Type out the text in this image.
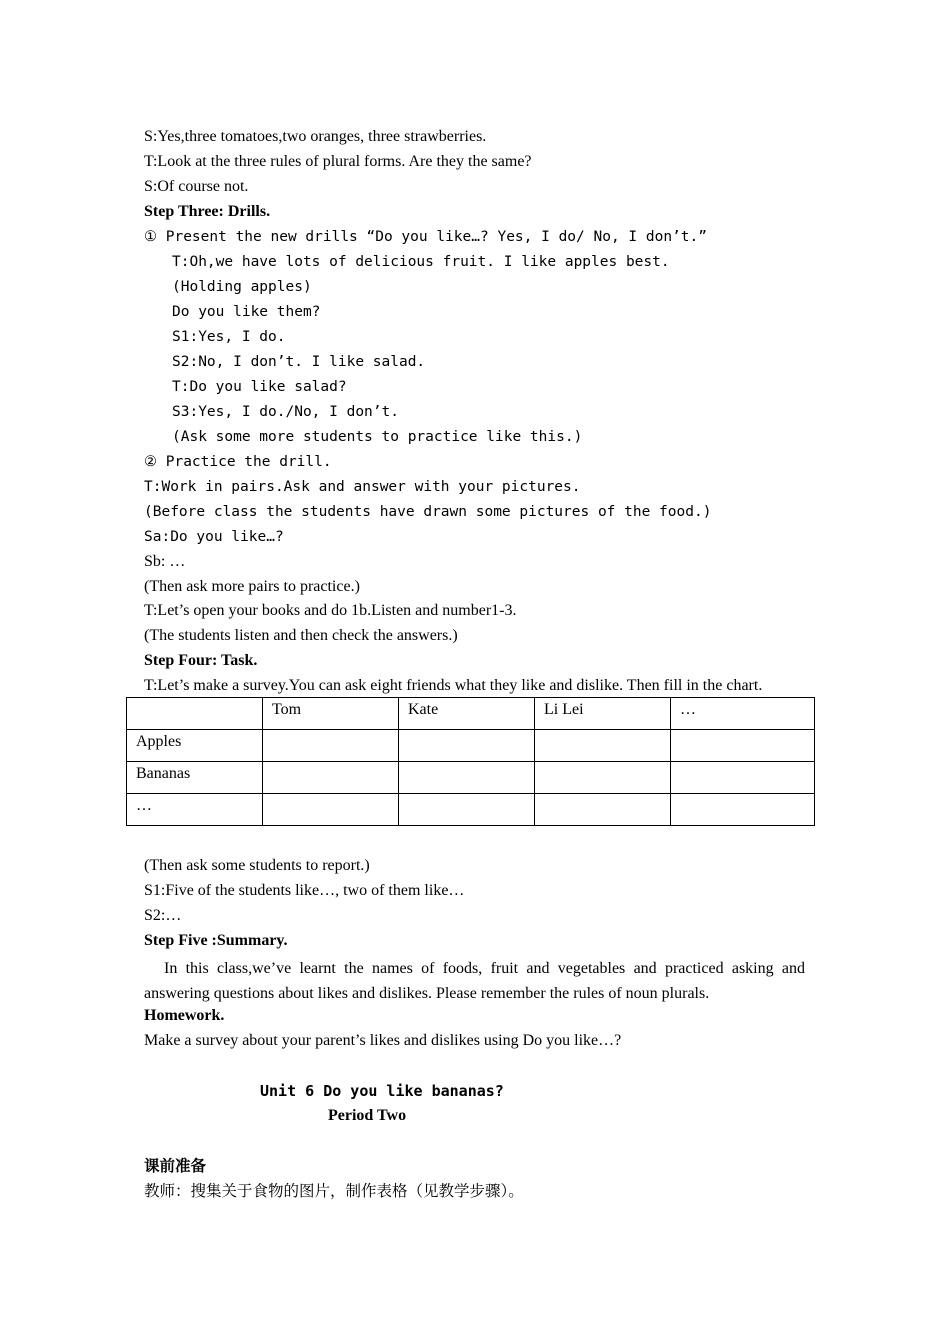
S:Yes,three tomatoes,two oranges, three strawberries.
T:Look at the three rules of plural forms. Are they the same?
S:Of course not.
Step Three: Drills.
① Present the new drills “Do you like…? Yes, I do/ No, I don’t.”
T:Oh,we have lots of delicious fruit. I like apples best.
(Holding apples)
Do you like them?
S1:Yes, I do.
S2:No, I don’t. I like salad.
T:Do you like salad?
S3:Yes, I do./No, I don’t.
(Ask some more students to practice like this.)
② Practice the drill.
T:Work in pairs.Ask and answer with your pictures.
(Before class the students have drawn some pictures of the food.)
Sa:Do you like…?
Sb: …
(Then ask more pairs to practice.)
T:Let’s open your books and do 1b.Listen and number1-3.
(The students listen and then check the answers.)
Step Four: Task.
T:Let’s make a survey.You can ask eight friends what they like and dislike. Then fill in the chart.
	Tom	Kate	Li Lei	…
Apples				
Bananas				
…				
(Then ask some students to report.)
S1:Five of the students like…, two of them like…
S2:…
Step Five :Summary.
In this class,we’ve learnt the names of foods, fruit and vegetables and practiced asking and answering questions about likes and dislikes. Please remember the rules of noun plurals.
Homework.
Make a survey about your parent’s likes and dislikes using Do you like…?
Unit 6 Do you like bananas?
Period Two
课前准备
教师：搜集关于食物的图片，制作表格（见教学步骤）。
